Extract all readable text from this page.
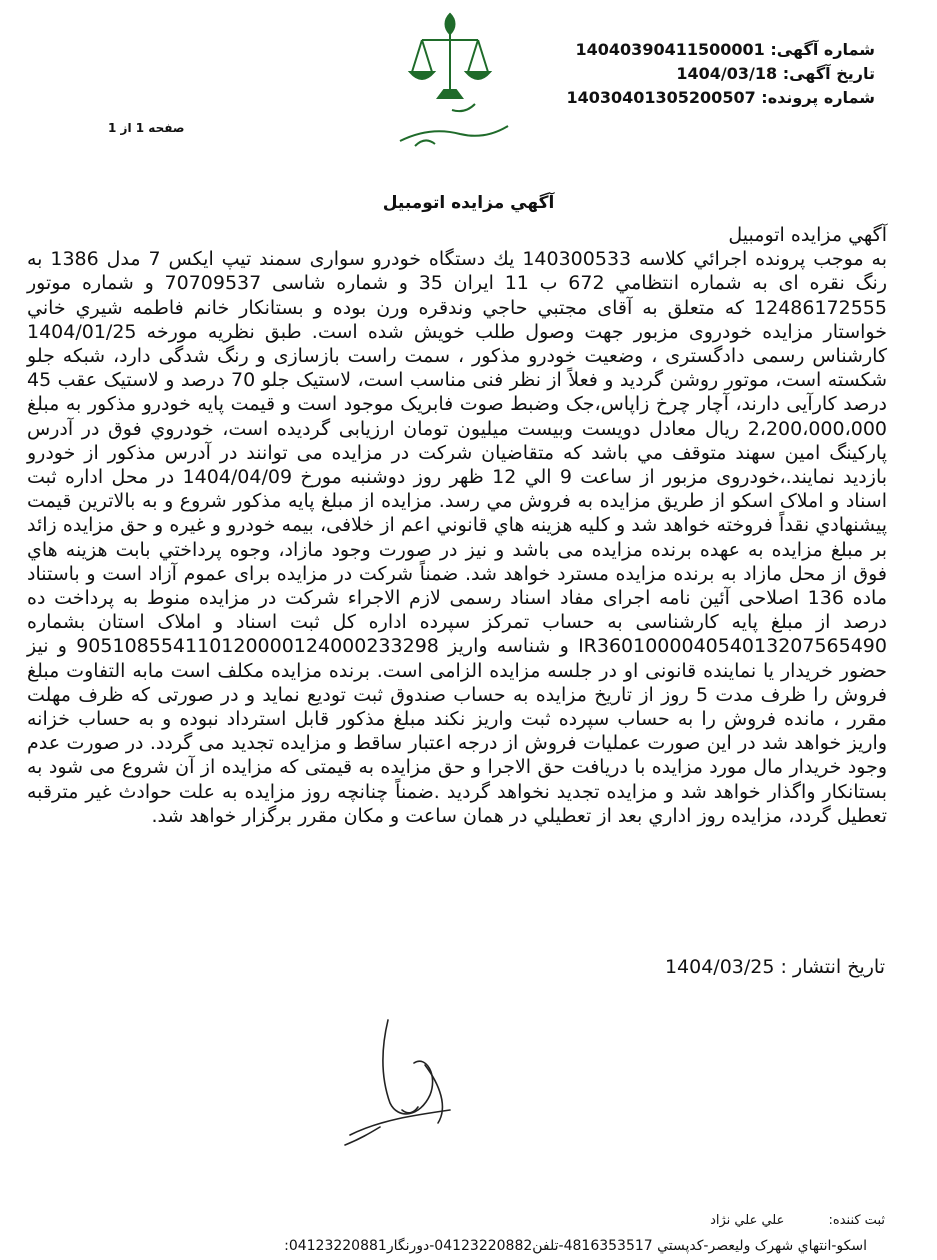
شماره آگهی: 14040390411500001
تاریخ آگهی: 1404/03/18
شماره پرونده: 14030401305200507
صفحه 1 از 1
آگهي مزايده اتومبيل

آگهي مزايده اتومبيل

به موجب پرونده اجرائي کلاسه 140300533 يك دستگاه خودرو سواری سمند تیپ ایکس 7 مدل 1386 به رنگ نقره ای به شماره انتظامي 672 ب 11 ایران 35 و شماره شاسی 70709537 و شماره موتور 12486172555 که متعلق به آقای مجتبي حاجي وندقره ورن بوده و بستانکار خانم فاطمه شیري خاني خواستار مزایده خودروی مزبور جهت وصول طلب خویش شده است. طبق نظريه مورخه 1404/01/25 کارشناس رسمی دادگستری ، وضعیت خودرو مذکور ، سمت راست بازسازی و رنگ شدگی دارد، شبکه جلو شکسته است، موتور روشن گردید و فعلاً از نظر فنی مناسب است، لاستیک جلو 70 درصد و لاستیک عقب 45 درصد کارآیی دارند، آچار چرخ زاپاس،جک وضبط صوت فابریک موجود است و قیمت پایه خودرو مذکور به مبلغ 2،200،000،000 ریال معادل دویست وبیست میلیون تومان ارزیابی گردیده است، خودروي فوق در آدرس پارکینگ امین سهند متوقف مي باشد که متقاضیان شرکت در مزایده می توانند در آدرس مذکور از خودرو بازدید نمایند.،خودروی مزبور از ساعت 9 الي 12 ظهر روز دوشنبه مورخ 1404/04/09 در محل اداره ثبت اسناد و املاک اسکو از طريق مزايده به فروش مي رسد. مزايده از مبلغ پايه مذکور شروع و به بالاترين قيمت پيشنهادي نقداً فروخته خواهد شد و کليه هزينه هاي قانوني اعم از خلافی، بیمه خودرو و غیره و حق مزایده زائد بر مبلغ مزایده به عهده برنده مزایده می باشد و نیز در صورت وجود مازاد، وجوه پرداختي بابت هزینه هاي فوق از محل مازاد به برنده مزایده مسترد خواهد شد. ضمناً شرکت در مزایده برای عموم آزاد است و باستناد ماده 136 اصلاحی آئین نامه اجرای مفاد اسناد رسمی لازم الاجراء شرکت در مزایده منوط به پرداخت ده درصد از مبلغ پایه کارشناسی به حساب تمرکز سپرده اداره کل ثبت اسناد و املاک استان بشماره IR360100004054013207565490 و شناسه واریز 905108554110120000124000233298 و نیز حضور خریدار یا نماینده قانونی او در جلسه مزایده الزامی است. برنده مزایده مکلف است مابه التفاوت مبلغ فروش را ظرف مدت 5 روز از تاریخ مزایده به حساب صندوق ثبت تودیع نماید و در صورتی که ظرف مهلت مقرر ، مانده فروش را به حساب سپرده ثبت واریز نکند مبلغ مذکور قابل استرداد نبوده و به حساب خزانه واریز خواهد شد در این صورت عملیات فروش از درجه اعتبار ساقط و مزایده تجدید می گردد. در صورت عدم وجود خریدار مال مورد مزايده با دریافت حق الاجرا و حق مزايده به قیمتی که مزایده از آن شروع می شود به بستانکار واگذار خواهد شد و مزایده تجدید نخواهد گردید .ضمناً چنانچه روز مزایده به علت حوادث غیر مترقبه تعطیل گردد، مزایده روز اداري بعد از تعطیلي در همان ساعت و مکان مقرر برگزار خواهد شد.

تاریخ انتشار : 1404/03/25
ثبت كننده: علي علي نژاد
اسکو-انتهاي شهرک وليعصر-کدپستي 4816353517-تلفن04123220882-دورنگار04123220881:
